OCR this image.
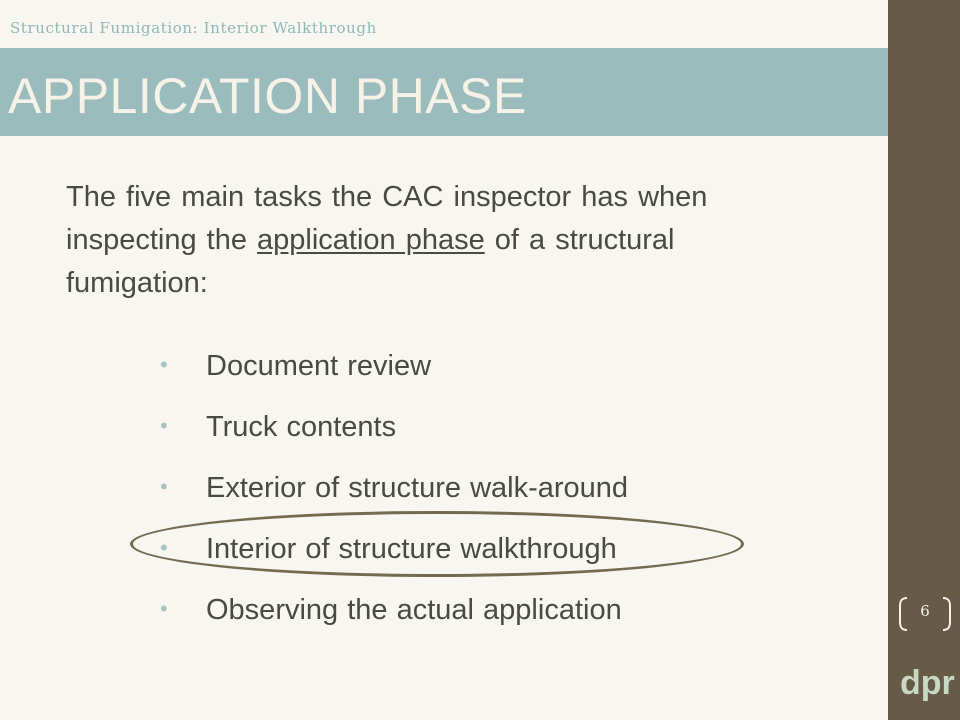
Structural Fumigation: Interior Walkthrough
APPLICATION PHASE
The five main tasks the CAC inspector has when inspecting the application phase of a structural fumigation:
• Document review
• Truck contents
• Exterior of structure walk-around
• Interior of structure walkthrough
• Observing the actual application	6
dpr
